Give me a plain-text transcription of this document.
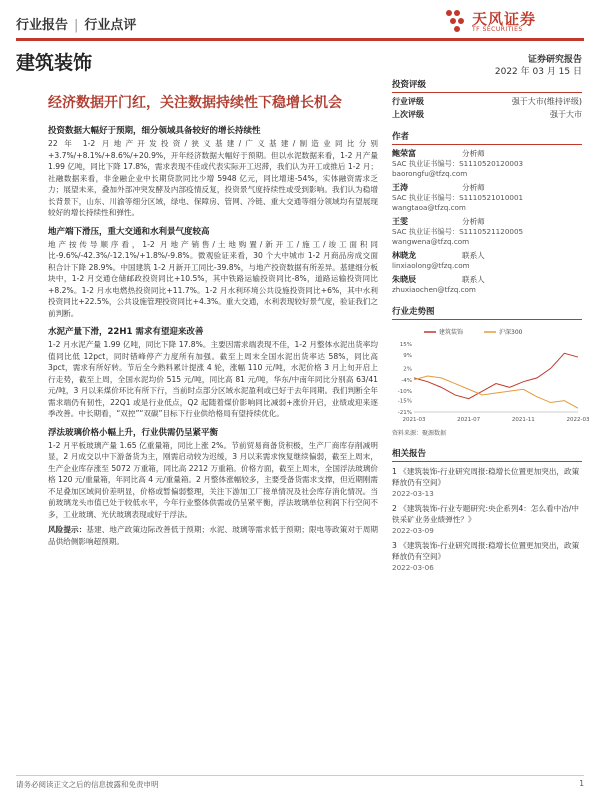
行业报告 | 行业点评	天风证券
TF SECURITIES
建筑装饰	证券研究报告
2022 年 03 月 15 日
经济数据开门红，关注数据持续性下稳增长机会
投资数据大幅好于预期，细分领域具备较好的增长持续性

22 年 1-2 月地产开发投资/狭义基建/广义基建/制造业同比分别+3.7%/+8.1%/+8.6%/+20.9%，开年经济数据大幅好于预期。但以水泥数据来看，1-2 月产量 1.99 亿吨，同比下降 17.8%，需求表现不佳或代表实际开工迟滞，我们认为开工或推后 1-2 月；社融数据来看，非金融企业中长期贷款同比少增 5948 亿元，同比增速-54%，实体融资需求乏力；展望未来，叠加外部冲突发酵及内部疫情反复，投资景气度持续性或受到影响。我们认为稳增长背景下，山东、川渝等细分区域，绿电、保障房、管网、冷链、重大交通等细分领域均有望展现较好的增长持续性和弹性。

地产端下滑压，重大交通和水利景气度较高

地产按传导顺序看，1-2 月地产销售/土地购置/新开工/施工/竣工面积同比-9.6%/-42.3%/-12.1%/+1.8%/-9.8%。微观验证来看，30 个大中城市 1-2 月商品房成交面积合计下降 28.9%。中国建筑 1-2 月新开工同比-39.8%，与地产投资数据有所差异。基建细分板块中，1-2 月交通仓储邮政投资同比+10.5%，其中铁路运输投资同比-8%，道路运输投资同比+8.2%。1-2 月水电燃热投资同比+11.7%。1-2 月水利环境公共设施投资同比+6%，其中水利投资同比+22.5%，公共设施管理投资同比+4.3%。重大交通，水利表现较好景气度，验证我们之前判断。

水泥产量下滑，22H1 需求有望迎来改善

1-2 月水泥产量 1.99 亿吨，同比下降 17.8%。主要因需求端表现不佳，1-2 月整体水泥出货率均值同比低 12pct，同时错峰停产力度所有加强。截至上周末全国水泥出货率达 58%，同比高 3pct，需求有所好转。节后全今熟料累计提涨 4 轮，涨幅 110 元/吨，水泥价格 3 月上旬开启上行走势，截至上周，全国水泥均价 515 元/吨，同比高 81 元/吨，华东/中南年同比分别高 63/41 元/吨，3 月以来煤价环比有所下行，当前时点部分区域水泥盈利或已好于去年同期。我们判断全年需求端仍有韧性，22Q1 或是行业低点，Q2 起随着煤价影响同比减弱+涨价开启，业绩或迎来逐季改善。中长期看，“双控”“双碳”目标下行业供给格局有望持续优化。

浮法玻璃价格小幅上升，行业供需仍呈紧平衡

1-2 月平板玻璃产量 1.65 亿重量箱，同比上涨 2%。节前贸易商备货积极，生产厂商库存削减明显，2 月成交以中下游备货为主，刚需启动较为迟缓，3 月以来需求恢复继续偏弱，截至上周末，生产企业库存涨至 5072 万重箱，同比高 2212 万重箱。价格方面，截至上周末，全国浮法玻璃价格 120 元/重量箱，年同比高 4 元/重量箱。2 月整体涨幅较多，主要受备货需求支撑，但近期刚需不足叠加区域间价差明显，价格或暂偏弱整理，关注下游加工厂接单情况及社会库存消化情况。当前玻璃龙头市值已处于较低水平，今年行业整体供需或仍呈紧平衡，浮法玻璃单位利润下行空间不多，工业玻璃、光伏玻璃表现或好于浮法。

风险提示：基建、地产政策边际改善低于预期；水泥、玻璃等需求低于预期；限电等政策对于周期品供给侧影响超预期。

投资评级
行业评级	强于大市(维持评级)
上次评级	强于大市
作者
鲍荣富	分析师
SAC 执业证书编号：S1110520120003
baorongfu@tfzq.com
王涛	分析师
SAC 执业证书编号：S1110521010001
wangtaoa@tfzq.com
王雯	分析师
SAC 执业证书编号：S1110521120005
wangwena@tfzq.com
林晓龙	联系人
linxiaolong@tfzq.com
朱晓辰	联系人
zhuxiaochen@tfzq.com
行业走势图
15%
9%
2%
-4%
-10%
-15%
-21%
2021-03	2021-07	2021-11	2022-03
建筑装饰	沪深300
资料来源：聚源数据
相关报告
1 《建筑装饰-行业研究周报:稳增长位置更加突出，政策释放仍有空间》
2022-03-13
2 《建筑装饰-行业专题研究:央企系列4：怎么看中冶/中铁采矿业务业绩弹性？》
2022-03-09
3 《建筑装饰-行业研究周报:稳增长位置更加突出，政策释放仍有空间》
2022-03-06
请务必阅读正文之后的信息披露和免责申明	1
